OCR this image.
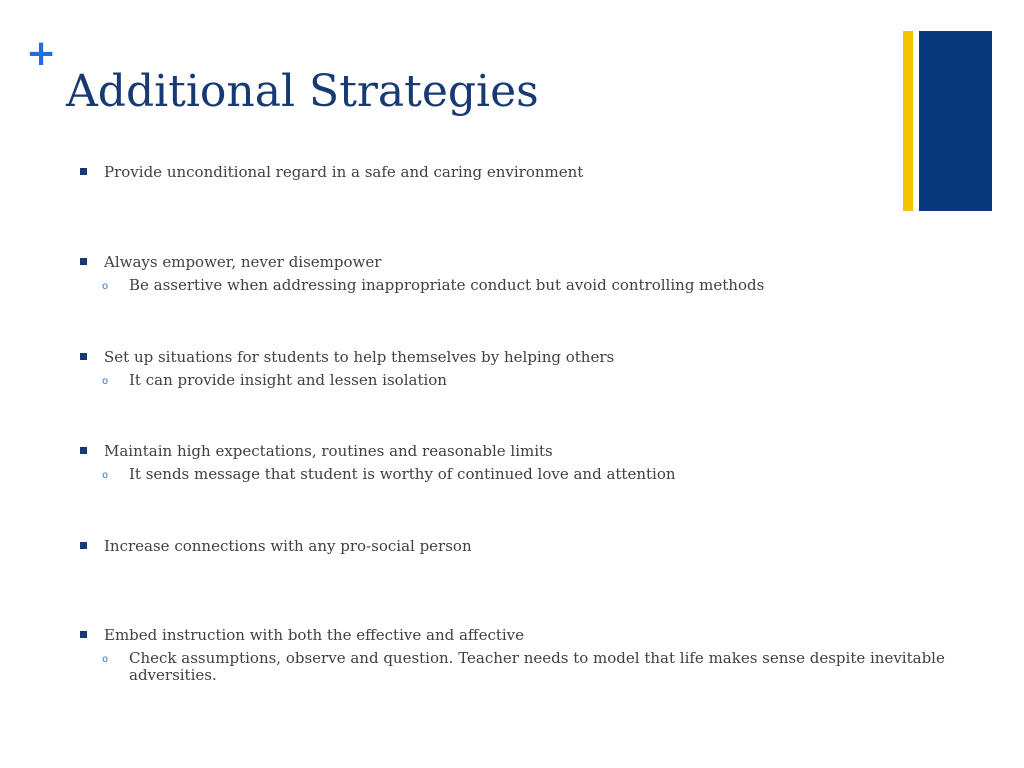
+
Additional Strategies
Provide unconditional regard in a safe and caring environment
Always empower, never disempower
o Be assertive when addressing inappropriate conduct but avoid controlling methods
Set up situations for students to help themselves by helping others
o It can provide insight and lessen isolation
Maintain high expectations, routines and reasonable limits
o It sends message that student is worthy of continued love and attention
Increase connections with any pro-social person
Embed instruction with both the effective and affective
o Check assumptions, observe and question. Teacher needs to model that life makes sense despite inevitable adversities.
